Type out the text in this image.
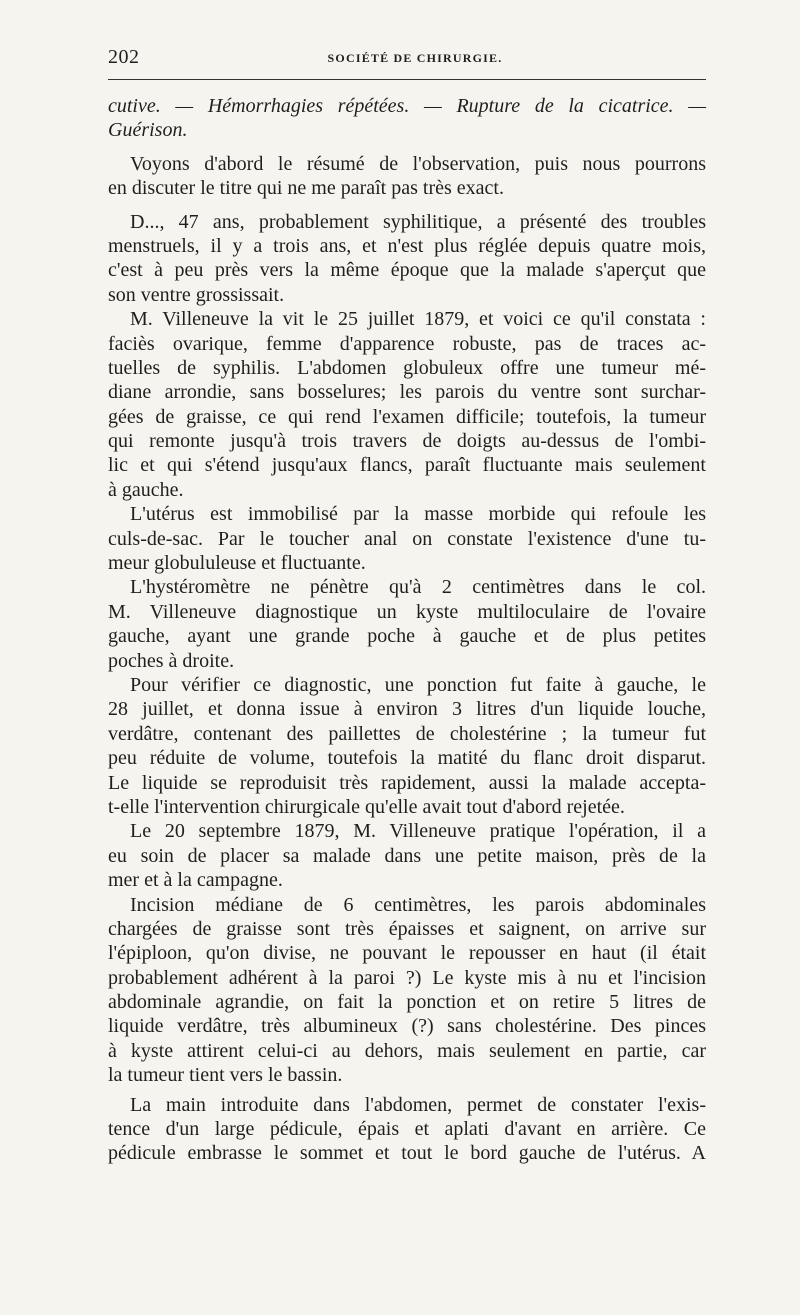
202	SOCIÉTÉ DE CHIRURGIE.

cutive. — Hémorrhagies répétées. — Rupture de la cicatrice. —
Guérison.

Voyons d'abord le résumé de l'observation, puis nous pourrons
en discuter le titre qui ne me paraît pas très exact.

D..., 47 ans, probablement syphilitique, a présenté des troubles
menstruels, il y a trois ans, et n'est plus réglée depuis quatre mois,
c'est à peu près vers la même époque que la malade s'aperçut que
son ventre grossissait.

M. Villeneuve la vit le 25 juillet 1879, et voici ce qu'il constata :
faciès ovarique, femme d'apparence robuste, pas de traces ac-
tuelles de syphilis. L'abdomen globuleux offre une tumeur mé-
diane arrondie, sans bosselures; les parois du ventre sont surchar-
gées de graisse, ce qui rend l'examen difficile; toutefois, la tumeur
qui remonte jusqu'à trois travers de doigts au-dessus de l'ombi-
lic et qui s'étend jusqu'aux flancs, paraît fluctuante mais seulement
à gauche.

L'utérus est immobilisé par la masse morbide qui refoule les
culs-de-sac. Par le toucher anal on constate l'existence d'une tu-
meur globululeuse et fluctuante.

L'hystéromètre ne pénètre qu'à 2 centimètres dans le col.
M. Villeneuve diagnostique un kyste multiloculaire de l'ovaire
gauche, ayant une grande poche à gauche et de plus petites
poches à droite.

Pour vérifier ce diagnostic, une ponction fut faite à gauche, le
28 juillet, et donna issue à environ 3 litres d'un liquide louche,
verdâtre, contenant des paillettes de cholestérine ; la tumeur fut
peu réduite de volume, toutefois la matité du flanc droit disparut.
Le liquide se reproduisit très rapidement, aussi la malade accepta-
t-elle l'intervention chirurgicale qu'elle avait tout d'abord rejetée.

Le 20 septembre 1879, M. Villeneuve pratique l'opération, il a
eu soin de placer sa malade dans une petite maison, près de la
mer et à la campagne.

Incision médiane de 6 centimètres, les parois abdominales
chargées de graisse sont très épaisses et saignent, on arrive sur
l'épiploon, qu'on divise, ne pouvant le repousser en haut (il était
probablement adhérent à la paroi ?) Le kyste mis à nu et l'incision
abdominale agrandie, on fait la ponction et on retire 5 litres de
liquide verdâtre, très albumineux (?) sans cholestérine. Des pinces
à kyste attirent celui-ci au dehors, mais seulement en partie, car
la tumeur tient vers le bassin.

La main introduite dans l'abdomen, permet de constater l'exis-
tence d'un large pédicule, épais et aplati d'avant en arrière. Ce
pédicule embrasse le sommet et tout le bord gauche de l'utérus. A
